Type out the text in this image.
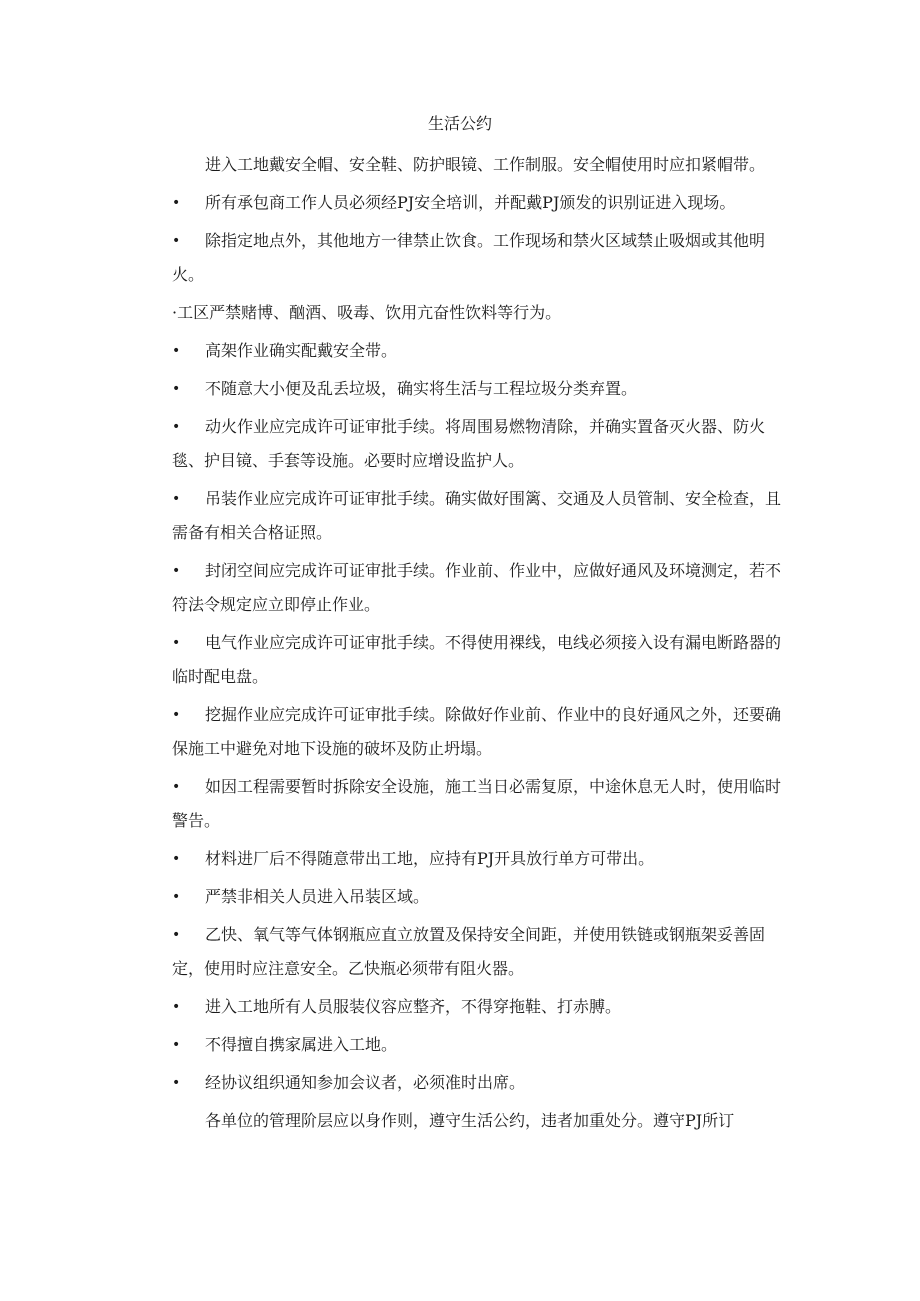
生活公约

进入工地戴安全帽、安全鞋、防护眼镜、工作制服。安全帽使用时应扣紧帽带。

• 所有承包商工作人员必须经PJ安全培训，并配戴PJ颁发的识别证进入现场。
• 除指定地点外，其他地方一律禁止饮食。工作现场和禁火区域禁止吸烟或其他明火。
·工区严禁赌博、酗酒、吸毒、饮用亢奋性饮料等行为。
• 高架作业确实配戴安全带。
• 不随意大小便及乱丢垃圾，确实将生活与工程垃圾分类弃置。
• 动火作业应完成许可证审批手续。将周围易燃物清除，并确实置备灭火器、防火毯、护目镜、手套等设施。必要时应增设监护人。
• 吊装作业应完成许可证审批手续。确实做好围篱、交通及人员管制、安全检查，且需备有相关合格证照。
• 封闭空间应完成许可证审批手续。作业前、作业中，应做好通风及环境测定，若不符法令规定应立即停止作业。
• 电气作业应完成许可证审批手续。不得使用裸线，电线必须接入设有漏电断路器的临时配电盘。
• 挖掘作业应完成许可证审批手续。除做好作业前、作业中的良好通风之外，还要确保施工中避免对地下设施的破坏及防止坍塌。
• 如因工程需要暂时拆除安全设施，施工当日必需复原，中途休息无人时，使用临时警告。
• 材料进厂后不得随意带出工地，应持有PJ开具放行单方可带出。
• 严禁非相关人员进入吊装区域。
• 乙快、氧气等气体钢瓶应直立放置及保持安全间距，并使用铁链或钢瓶架妥善固定，使用时应注意安全。乙快瓶必须带有阻火器。
• 进入工地所有人员服装仪容应整齐，不得穿拖鞋、打赤膊。
• 不得擅自携家属进入工地。
• 经协议组织通知参加会议者，必须准时出席。

各单位的管理阶层应以身作则，遵守生活公约，违者加重处分。遵守PJ所订
